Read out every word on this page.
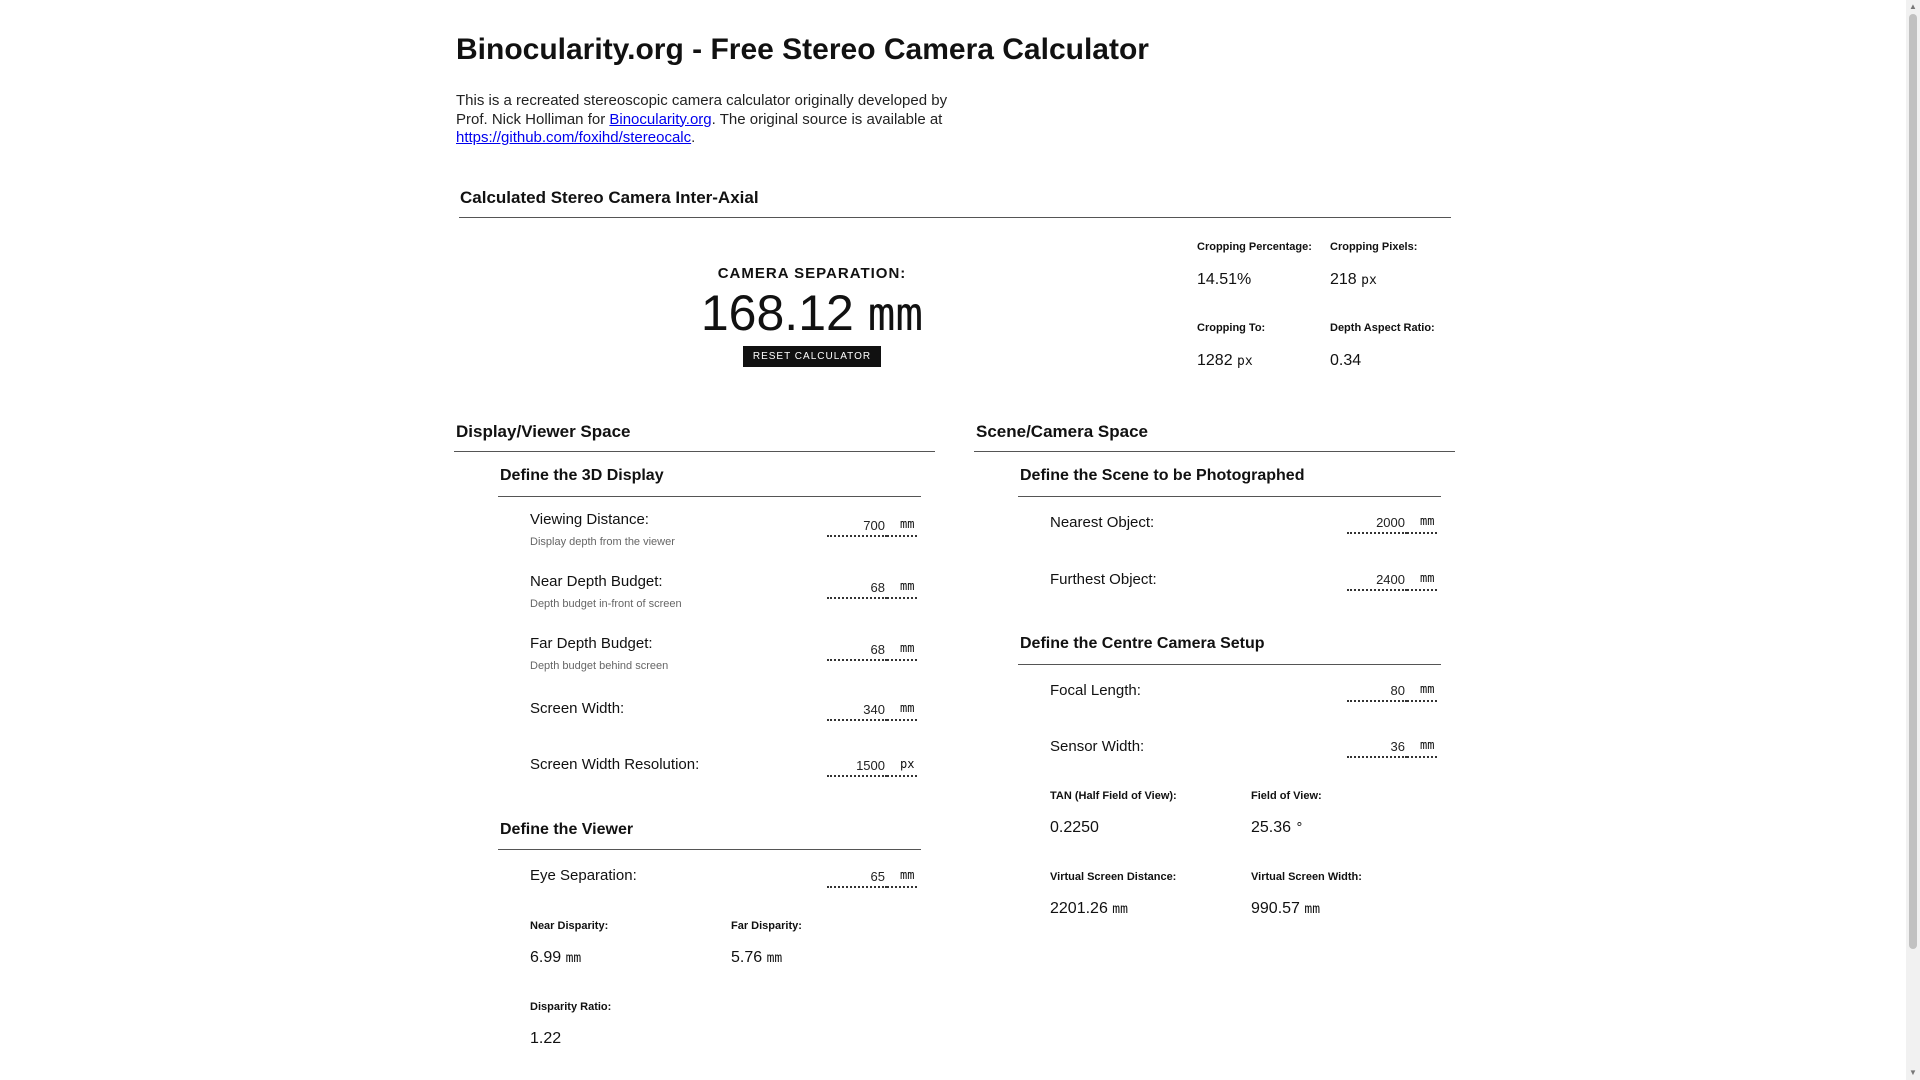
Binocularity.org - Free Stereo Camera Calculator
This is a recreated stereoscopic camera calculator originally developed by Prof. Nick Holliman for Binocularity.org. The original source is available at https://github.com/foxihd/stereocalc.
Calculated Stereo Camera Inter-Axial
CAMERA SEPARATION:
168.12 mm
RESET CALCULATOR
Cropping Percentage:
14.51%
Cropping Pixels:
218 px
Cropping To:
1282 px
Depth Aspect Ratio:
0.34
Display/Viewer Space
Define the 3D Display
Viewing Distance:
Display depth from the viewer
700
mm
Near Depth Budget:
Depth budget in-front of screen
68
mm
Far Depth Budget:
Depth budget behind screen
68
mm
Screen Width:
340	mm
Screen Width Resolution:
1500	px
Define the Viewer
Eye Separation:
65	mm
Near Disparity:
6.99 mm
Far Disparity:
5.76 mm
Disparity Ratio:
1.22
Scene/Camera Space
Define the Scene to be Photographed
Nearest Object:
2000	mm
Furthest Object:
2400	mm
Define the Centre Camera Setup
Focal Length:
80	mm
Sensor Width:
36	mm
TAN (Half Field of View):
0.2250
Field of View:
25.36 °
Virtual Screen Distance:
2201.26 mm
Virtual Screen Width:
990.57 mm
▲
▼
